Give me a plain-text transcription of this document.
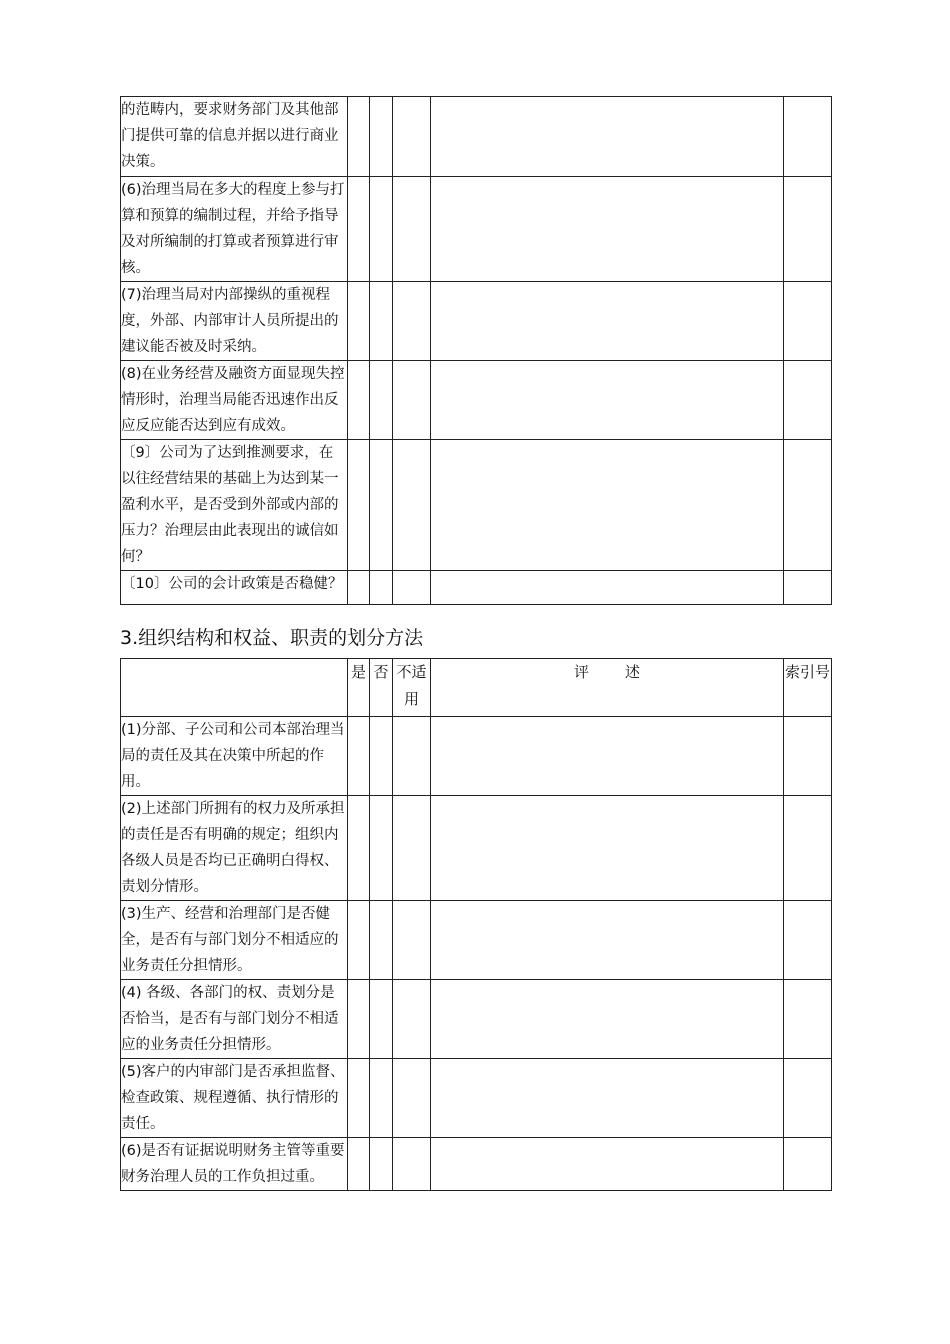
的范畴内，要求财务部门及其他部门提供可靠的信息并据以进行商业决策。					
(6)治理当局在多大的程度上参与打算和预算的编制过程，并给予指导及对所编制的打算或者预算进行审核。					
(7)治理当局对内部操纵的重视程度，外部、内部审计人员所提出的建议能否被及时采纳。					
(8)在业务经营及融资方面显现失控情形时，治理当局能否迅速作出反应反应能否达到应有成效。					
〔9〕公司为了达到推测要求，在以往经营结果的基础上为达到某一盈利水平，是否受到外部或内部的压力？治理层由此表现出的诚信如何？					
〔10〕公司的会计政策是否稳健？					
3.组织结构和权益、职责的划分方法
	是	否	不适用	评述	索引号
(1)分部、子公司和公司本部治理当局的责任及其在决策中所起的作用。					
(2)上述部门所拥有的权力及所承担的责任是否有明确的规定；组织内各级人员是否均已正确明白得权、责划分情形。					
(3)生产、经营和治理部门是否健全，是否有与部门划分不相适应的业务责任分担情形。					
(4) 各级、各部门的权、责划分是否恰当，是否有与部门划分不相适应的业务责任分担情形。					
(5)客户的内审部门是否承担监督、检查政策、规程遵循、执行情形的责任。					
(6)是否有证据说明财务主管等重要财务治理人员的工作负担过重。					
